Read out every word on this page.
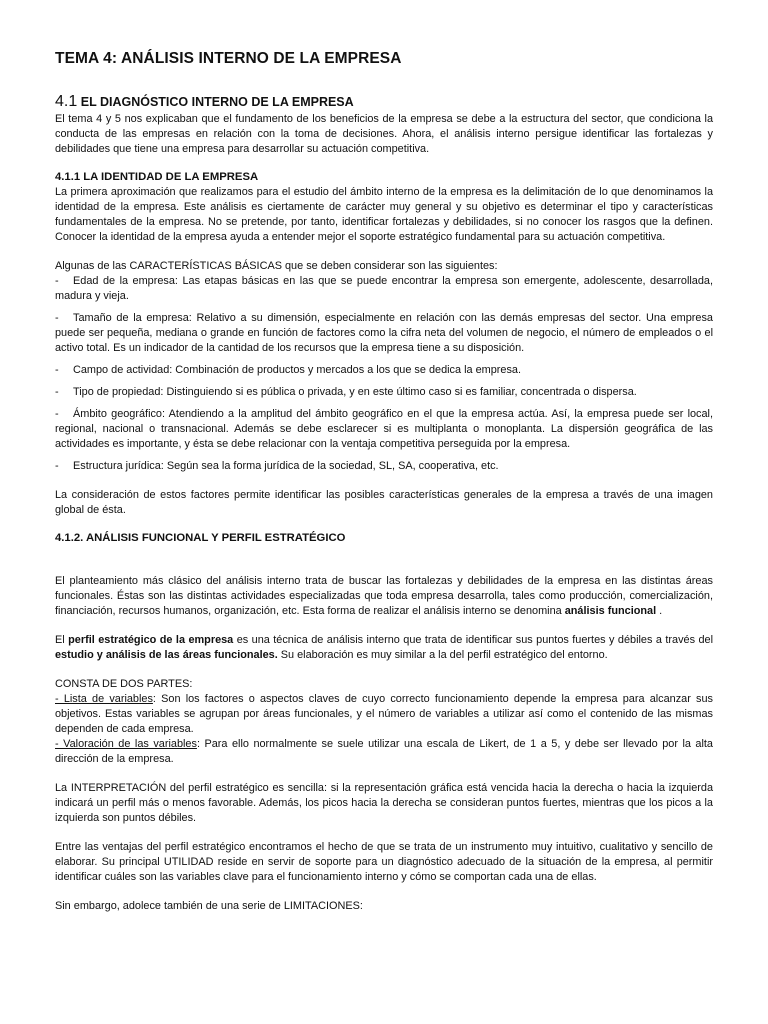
TEMA 4: ANÁLISIS INTERNO DE LA EMPRESA
4.1 EL DIAGNÓSTICO INTERNO DE LA EMPRESA

El tema 4 y 5 nos explicaban que el fundamento de los beneficios de la empresa se debe a la estructura del sector, que condiciona la conducta de las empresas en relación con la toma de decisiones. Ahora, el análisis interno persigue identificar las fortalezas y debilidades que tiene una empresa para desarrollar su actuación competitiva.

4.1.1 LA IDENTIDAD DE LA EMPRESA

La primera aproximación que realizamos para el estudio del ámbito interno de la empresa es la delimitación de lo que denominamos la identidad de la empresa. Este análisis es ciertamente de carácter muy general y su objetivo es determinar el tipo y características fundamentales de la empresa. No se pretende, por tanto, identificar fortalezas y debilidades, si no conocer los rasgos que la definen. Conocer la identidad de la empresa ayuda a entender mejor el soporte estratégico fundamental para su actuación competitiva.

Algunas de las CARACTERÍSTICAS BÁSICAS que se deben considerar son las siguientes:

- Edad de la empresa: Las etapas básicas en las que se puede encontrar la empresa son emergente, adolescente, desarrollada, madura y vieja.
- Tamaño de la empresa: Relativo a su dimensión, especialmente en relación con las demás empresas del sector. Una empresa puede ser pequeña, mediana o grande en función de factores como la cifra neta del volumen de negocio, el número de empleados o el activo total. Es un indicador de la cantidad de los recursos que la empresa tiene a su disposición.
- Campo de actividad: Combinación de productos y mercados a los que se dedica la empresa.
- Tipo de propiedad: Distinguiendo si es pública o privada, y en este último caso si es familiar, concentrada o dispersa.
- Ámbito geográfico: Atendiendo a la amplitud del ámbito geográfico en el que la empresa actúa. Así, la empresa puede ser local, regional, nacional o transnacional. Además se debe esclarecer si es multiplanta o monoplanta. La dispersión geográfica de las actividades es importante, y ésta se debe relacionar con la ventaja competitiva perseguida por la empresa.
- Estructura jurídica: Según sea la forma jurídica de la sociedad, SL, SA, cooperativa, etc.

La consideración de estos factores permite identificar las posibles características generales de la empresa a través de una imagen global de ésta.

4.1.2. ANÁLISIS FUNCIONAL Y PERFIL ESTRATÉGICO

El planteamiento más clásico del análisis interno trata de buscar las fortalezas y debilidades de la empresa en las distintas áreas funcionales. Éstas son las distintas actividades especializadas que toda empresa desarrolla, tales como producción, comercialización, financiación, recursos humanos, organización, etc. Esta forma de realizar el análisis interno se denomina análisis funcional .

El perfil estratégico de la empresa es una técnica de análisis interno que trata de identificar sus puntos fuertes y débiles a través del estudio y análisis de las áreas funcionales. Su elaboración es muy similar a la del perfil estratégico del entorno.

CONSTA DE DOS PARTES:

- Lista de variables: Son los factores o aspectos claves de cuyo correcto funcionamiento depende la empresa para alcanzar sus objetivos. Estas variables se agrupan por áreas funcionales, y el número de variables a utilizar así como el contenido de las mismas dependen de cada empresa.

- Valoración de las variables: Para ello normalmente se suele utilizar una escala de Likert, de 1 a 5, y debe ser llevado por la alta dirección de la empresa.

La INTERPRETACIÓN del perfil estratégico es sencilla: si la representación gráfica está vencida hacia la derecha o hacia la izquierda indicará un perfil más o menos favorable. Además, los picos hacia la derecha se consideran puntos fuertes, mientras que los picos a la izquierda son puntos débiles.

Entre las ventajas del perfil estratégico encontramos el hecho de que se trata de un instrumento muy intuitivo, cualitativo y sencillo de elaborar. Su principal UTILIDAD reside en servir de soporte para un diagnóstico adecuado de la situación de la empresa, al permitir identificar cuáles son las variables clave para el funcionamiento interno y cómo se comportan cada una de ellas.

Sin embargo, adolece también de una serie de LIMITACIONES:
